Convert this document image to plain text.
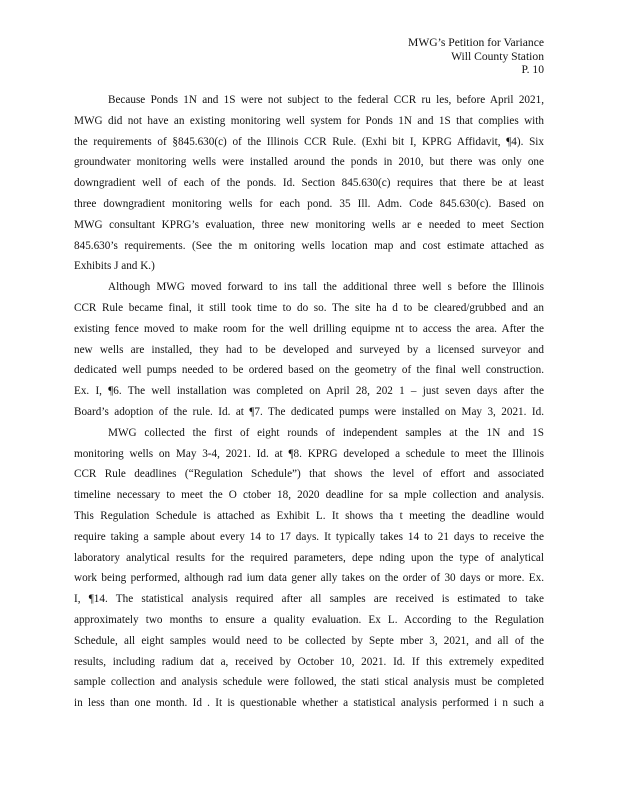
MWG’s Petition for Variance
Will County Station
P. 10
Because Ponds 1N and 1S were not subject to the federal CCR ru les, before April 2021,
MWG did not have an existing monitoring well system for Ponds 1N and 1S that complies with
the requirements of §845.630(c) of the Illinois CCR Rule. (Exhi bit I, KPRG Affidavit, ¶4). Six
groundwater monitoring wells were installed around the ponds in 2010, but there was only one
downgradient well of each of the ponds. Id. Section 845.630(c) requires that there be at least
three downgradient monitoring wells for each pond. 35 Ill. Adm. Code 845.630(c). Based on
MWG consultant KPRG’s evaluation, three new monitoring wells ar e needed to meet Section
845.630’s requirements. (See the m onitoring wells location map and cost estimate attached as
Exhibits J and K.)
Although MWG moved forward to ins tall the additional three well s before the Illinois
CCR Rule became final, it still took time to do so. The site ha d to be cleared/grubbed and an
existing fence moved to make room for the well drilling equipme nt to access the area. After the
new wells are installed, they had to be developed and surveyed by a licensed surveyor and
dedicated well pumps needed to be ordered based on the geometry of the final well construction.
Ex. I, ¶6. The well installation was completed on April 28, 202 1 – just seven days after the
Board’s adoption of the rule. Id. at ¶7. The dedicated pumps were installed on May 3, 2021. Id.
MWG collected the first of eight rounds of independent samples at the 1N and 1S
monitoring wells on May 3-4, 2021. Id. at ¶8. KPRG developed a schedule to meet the Illinois
CCR Rule deadlines (“Regulation Schedule”) that shows the level of effort and associated
timeline necessary to meet the O ctober 18, 2020 deadline for sa mple collection and analysis.
This Regulation Schedule is attached as Exhibit L. It shows tha t meeting the deadline would
require taking a sample about every 14 to 17 days. It typically takes 14 to 21 days to receive the
laboratory analytical results for the required parameters, depe nding upon the type of analytical
work being performed, although rad ium data gener ally takes on the order of 30 days or more. Ex.
I, ¶14. The statistical analysis required after all samples are received is estimated to take
approximately two months to ensure a quality evaluation. Ex L. According to the Regulation
Schedule, all eight samples would need to be collected by Septe mber 3, 2021, and all of the
results, including radium dat a, received by October 10, 2021. Id. If this extremely expedited
sample collection and analysis schedule were followed, the stati stical analysis must be completed
in less than one month. Id . It is questionable whether a statistical analysis performed i n such a
